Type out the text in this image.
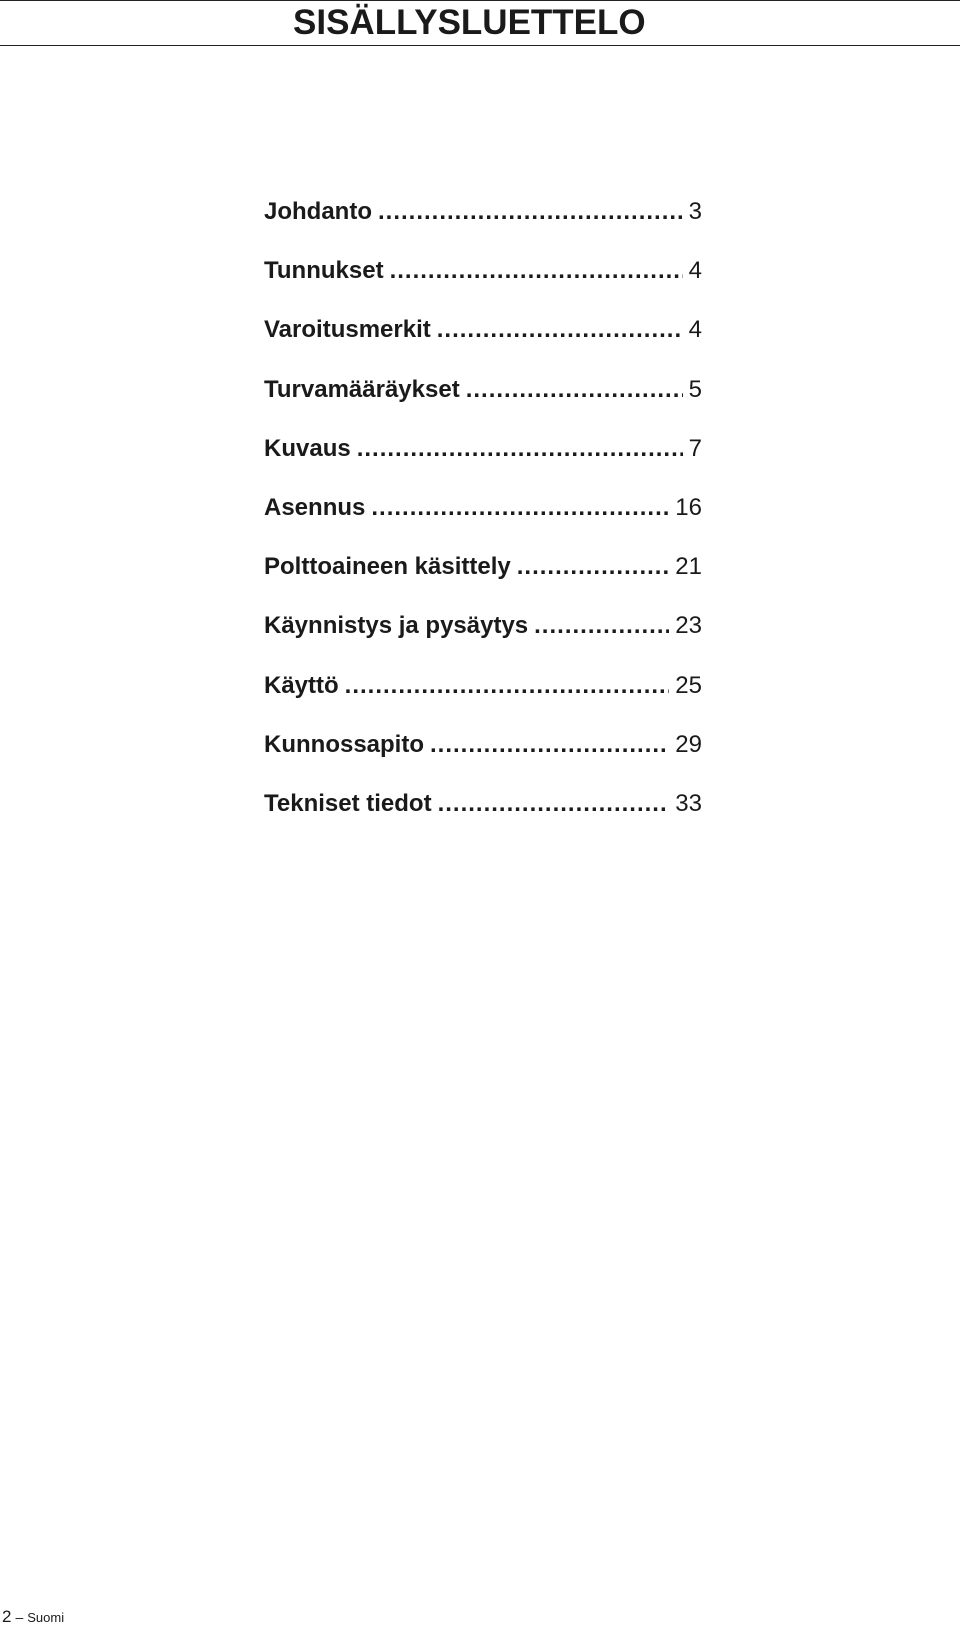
SISÄLLYSLUETTELO
Johdanto .....	3
Tunnukset .....	4
Varoitusmerkit .....	4
Turvamääräykset .....	5
Kuvaus .....	7
Asennus .....	16
Polttoaineen käsittely .....	21
Käynnistys ja pysäytys .....	23
Käyttö .....	25
Kunnossapito .....	29
Tekniset tiedot .....	33
2 – Suomi
